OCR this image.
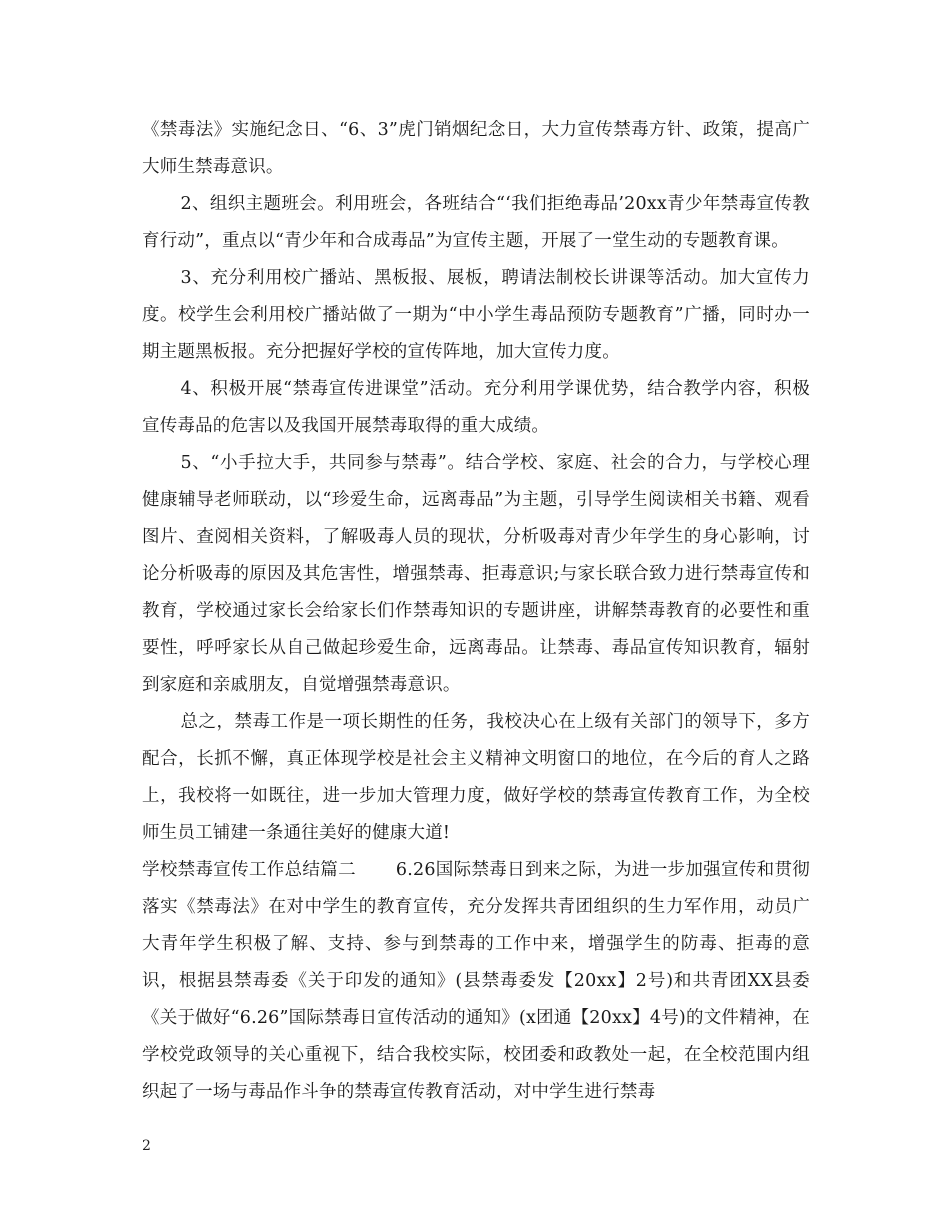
《禁毒法》实施纪念日、“6、3”虎门销烟纪念日，大力宣传禁毒方针、政策，提高广大师生禁毒意识。

2、组织主题班会。利用班会，各班结合“‘我们拒绝毒品’20xx青少年禁毒宣传教育行动”，重点以“青少年和合成毒品”为宣传主题，开展了一堂生动的专题教育课。

3、充分利用校广播站、黑板报、展板，聘请法制校长讲课等活动。加大宣传力度。校学生会利用校广播站做了一期为“中小学生毒品预防专题教育”广播，同时办一期主题黑板报。充分把握好学校的宣传阵地，加大宣传力度。

4、积极开展“禁毒宣传进课堂”活动。充分利用学课优势，结合教学内容，积极宣传毒品的危害以及我国开展禁毒取得的重大成绩。

5、“小手拉大手，共同参与禁毒”。结合学校、家庭、社会的合力，与学校心理健康辅导老师联动，以“珍爱生命，远离毒品”为主题，引导学生阅读相关书籍、观看图片、查阅相关资料，了解吸毒人员的现状，分析吸毒对青少年学生的身心影响，讨论分析吸毒的原因及其危害性，增强禁毒、拒毒意识;与家长联合致力进行禁毒宣传和教育，学校通过家长会给家长们作禁毒知识的专题讲座，讲解禁毒教育的必要性和重要性，呼呼家长从自己做起珍爱生命，远离毒品。让禁毒、毒品宣传知识教育，辐射到家庭和亲戚朋友，自觉增强禁毒意识。

总之，禁毒工作是一项长期性的任务，我校决心在上级有关部门的领导下，多方配合，长抓不懈，真正体现学校是社会主义精神文明窗口的地位，在今后的育人之路上，我校将一如既往，进一步加大管理力度，做好学校的禁毒宣传教育工作，为全校师生员工铺建一条通往美好的健康大道!

学校禁毒宣传工作总结篇二 6.26国际禁毒日到来之际，为进一步加强宣传和贯彻落实《禁毒法》在对中学生的教育宣传，充分发挥共青团组织的生力军作用，动员广大青年学生积极了解、支持、参与到禁毒的工作中来，增强学生的防毒、拒毒的意识，根据县禁毒委《关于印发的通知》(县禁毒委发【20xx】2号)和共青团XX县委《关于做好“6.26”国际禁毒日宣传活动的通知》(x团通【20xx】4号)的文件精神，在学校党政领导的关心重视下，结合我校实际，校团委和政教处一起，在全校范围内组织起了一场与毒品作斗争的禁毒宣传教育活动，对中学生进行禁毒

2
